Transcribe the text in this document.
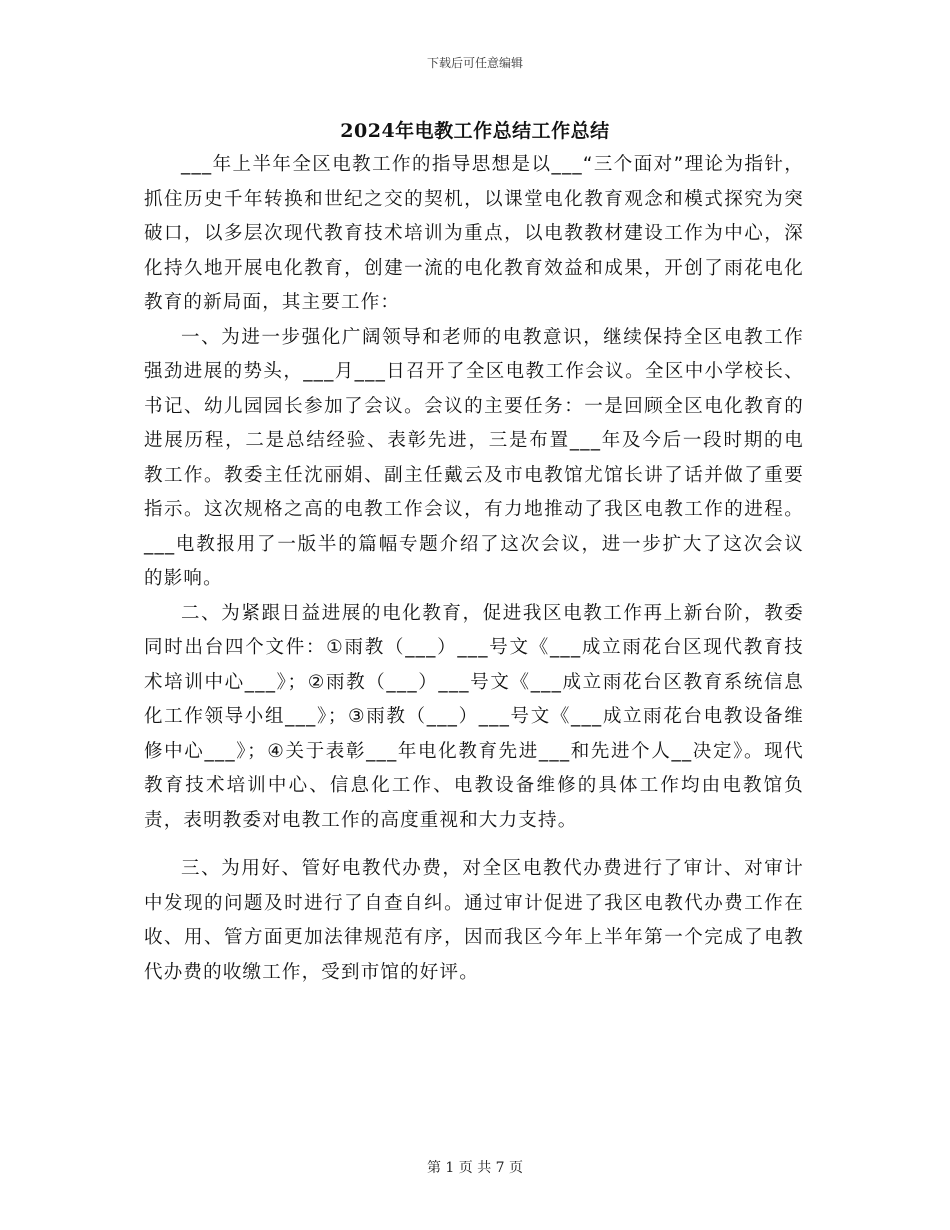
下载后可任意编辑
2024年电教工作总结工作总结

___年上半年全区电教工作的指导思想是以___“三个面对”理论为指针，抓住历史千年转换和世纪之交的契机，以课堂电化教育观念和模式探究为突破口，以多层次现代教育技术培训为重点，以电教教材建设工作为中心，深化持久地开展电化教育，创建一流的电化教育效益和成果，开创了雨花电化教育的新局面，其主要工作：

一、为进一步强化广阔领导和老师的电教意识，继续保持全区电教工作强劲进展的势头，___月___日召开了全区电教工作会议。全区中小学校长、书记、幼儿园园长参加了会议。会议的主要任务：一是回顾全区电化教育的进展历程，二是总结经验、表彰先进，三是布置___年及今后一段时期的电教工作。教委主任沈丽娟、副主任戴云及市电教馆尤馆长讲了话并做了重要指示。这次规格之高的电教工作会议，有力地推动了我区电教工作的进程。___电教报用了一版半的篇幅专题介绍了这次会议，进一步扩大了这次会议的影响。

二、为紧跟日益进展的电化教育，促进我区电教工作再上新台阶，教委同时出台四个文件：①雨教（___）___号文《___成立雨花台区现代教育技术培训中心___》；②雨教（___）___号文《___成立雨花台区教育系统信息化工作领导小组___》；③雨教（___）___号文《___成立雨花台电教设备维修中心___》；④关于表彰___年电化教育先进___和先进个人__决定》。现代教育技术培训中心、信息化工作、电教设备维修的具体工作均由电教馆负责，表明教委对电教工作的高度重视和大力支持。

三、为用好、管好电教代办费，对全区电教代办费进行了审计、对审计中发现的问题及时进行了自查自纠。通过审计促进了我区电教代办费工作在收、用、管方面更加法律规范有序，因而我区今年上半年第一个完成了电教代办费的收缴工作，受到市馆的好评。

第 1 页 共 7 页
